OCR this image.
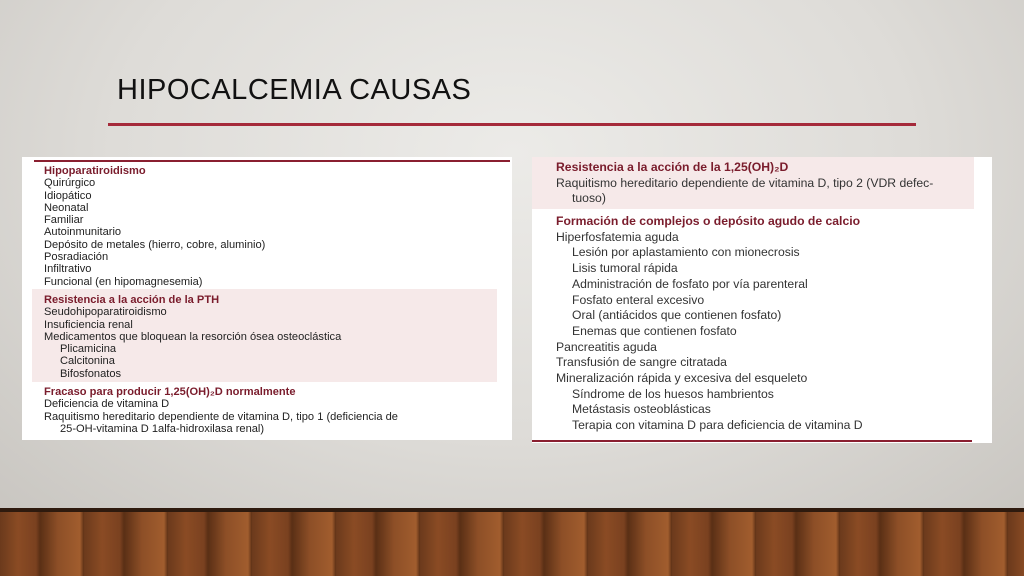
HIPOCALCEMIA CAUSAS
Hipoparatiroidismo
Quirúrgico
Idiopático
Neonatal
Familiar
Autoinmunitario
Depósito de metales (hierro, cobre, aluminio)
Posradiación
Infiltrativo
Funcional (en hipomagnesemia)
Resistencia a la acción de la PTH
Seudohipoparatiroidismo
Insuficiencia renal
Medicamentos que bloquean la resorción ósea osteoclástica
Plicamicina
Calcitonina
Bifosfonatos
Fracaso para producir 1,25(OH)₂D normalmente
Deficiencia de vitamina D
Raquitismo hereditario dependiente de vitamina D, tipo 1 (deficiencia de
25-OH-vitamina D 1alfa-hidroxilasa renal)
Resistencia a la acción de la 1,25(OH)₂D
Raquitismo hereditario dependiente de vitamina D, tipo 2 (VDR defec-
tuoso)
Formación de complejos o depósito agudo de calcio
Hiperfosfatemia aguda
Lesión por aplastamiento con mionecrosis
Lisis tumoral rápida
Administración de fosfato por vía parenteral
Fosfato enteral excesivo
Oral (antiácidos que contienen fosfato)
Enemas que contienen fosfato
Pancreatitis aguda
Transfusión de sangre citratada
Mineralización rápida y excesiva del esqueleto
Síndrome de los huesos hambrientos
Metástasis osteoblásticas
Terapia con vitamina D para deficiencia de vitamina D
